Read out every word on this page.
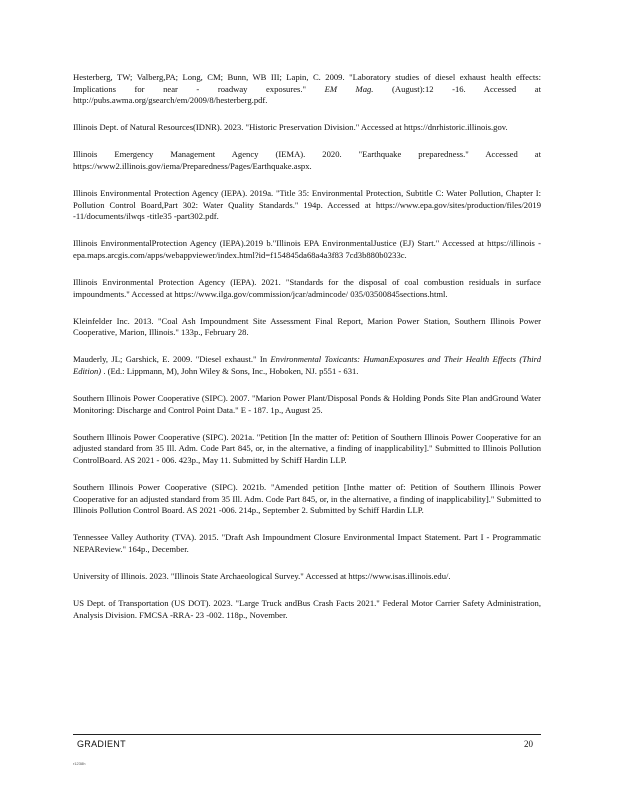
Hesterberg, TW; Valberg,PA; Long, CM; Bunn, WB III; Lapin, C. 2009. "Laboratory studies of diesel exhaust health effects: Implications for near - roadway exposures." EM Mag. (August):12 -16. Accessed at http://pubs.awma.org/gsearch/em/2009/8/hesterberg.pdf.

Illinois Dept. of Natural Resources(IDNR). 2023. "Historic Preservation Division." Accessed at https://dnrhistoric.illinois.gov.

Illinois Emergency Management Agency (IEMA). 2020. "Earthquake preparedness." Accessed at https://www2.illinois.gov/iema/Preparedness/Pages/Earthquake.aspx.

Illinois Environmental Protection Agency (IEPA). 2019a. "Title 35: Environmental Protection, Subtitle C: Water Pollution, Chapter I: Pollution Control Board,Part 302: Water Quality Standards." 194p. Accessed at https://www.epa.gov/sites/production/files/2019 -11/documents/ilwqs -title35 -part302.pdf.

Illinois EnvironmentalProtection Agency (IEPA).2019 b."Illinois EPA EnvironmentalJustice (EJ) Start." Accessed at https://illinois -epa.maps.arcgis.com/apps/webappviewer/index.html?id=f154845da68a4a3f83 7cd3b880b0233c.

Illinois Environmental Protection Agency (IEPA). 2021. "Standards for the disposal of coal combustion residuals in surface impoundments." Accessed at https://www.ilga.gov/commission/jcar/admincode/ 035/03500845sections.html.

Kleinfelder Inc. 2013. "Coal Ash Impoundment Site Assessment Final Report, Marion Power Station, Southern Illinois Power Cooperative, Marion, Illinois." 133p., February 28.

Mauderly, JL; Garshick, E. 2009. "Diesel exhaust." In Environmental Toxicants: HumanExposures and Their Health Effects (Third Edition) . (Ed.: Lippmann, M), John Wiley & Sons, Inc., Hoboken, NJ. p551 - 631.

Southern Illinois Power Cooperative (SIPC). 2007. "Marion Power Plant/Disposal Ponds & Holding Ponds Site Plan andGround Water Monitoring: Discharge and Control Point Data." E - 187. 1p., August 25.

Southern Illinois Power Cooperative (SIPC). 2021a. "Petition [In the matter of: Petition of Southern Illinois Power Cooperative for an adjusted standard from 35 Ill. Adm. Code Part 845, or, in the alternative, a finding of inapplicability]." Submitted to Illinois Pollution ControlBoard. AS 2021 - 006. 423p., May 11. Submitted by Schiff Hardin LLP.

Southern Illinois Power Cooperative (SIPC). 2021b. "Amended petition [Inthe matter of: Petition of Southern Illinois Power Cooperative for an adjusted standard from 35 Ill. Adm. Code Part 845, or, in the alternative, a finding of inapplicability]." Submitted to Illinois Pollution Control Board. AS 2021 -006. 214p., September 2. Submitted by Schiff Hardin LLP.

Tennessee Valley Authority (TVA). 2015. "Draft Ash Impoundment Closure Environmental Impact Statement. Part I - Programmatic NEPAReview." 164p., December.

University of Illinois. 2023. "Illinois State Archaeological Survey." Accessed at https://www.isas.illinois.edu/.

US Dept. of Transportation (US DOT). 2023. "Large Truck andBus Crash Facts 2021." Federal Motor Carrier Safety Administration, Analysis Division. FMCSA -RRA- 23 -002. 118p., November.

GRADIENT	20
r1238h
